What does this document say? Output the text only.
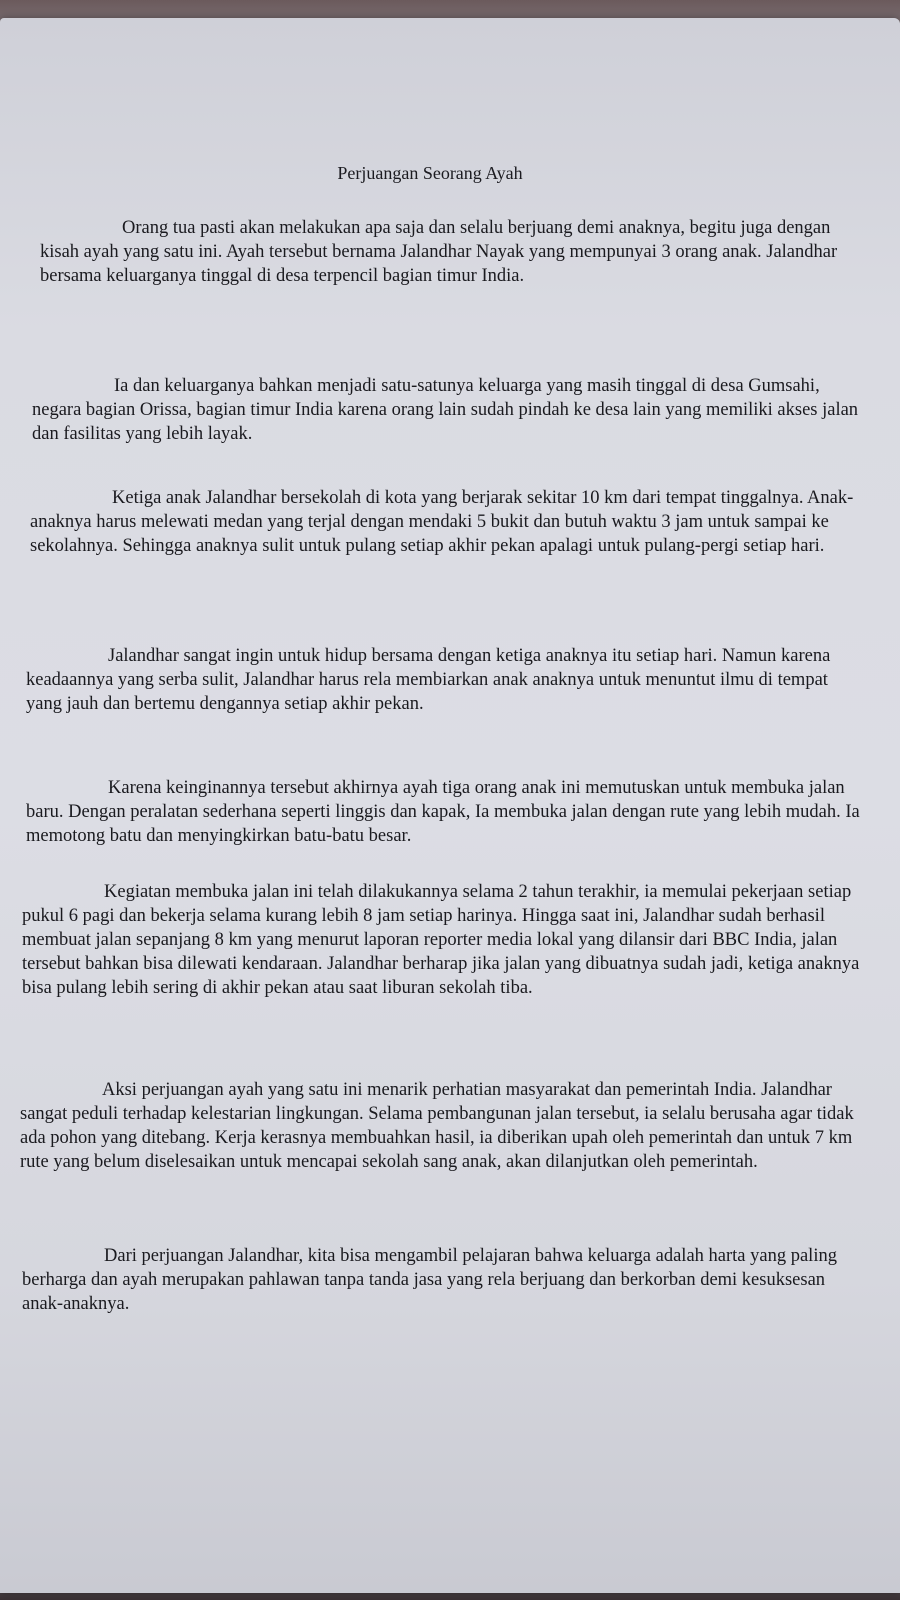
Perjuangan Seorang Ayah

Orang tua pasti akan melakukan apa saja dan selalu berjuang demi anaknya, begitu juga dengan kisah ayah yang satu ini. Ayah tersebut bernama Jalandhar Nayak yang mempunyai 3 orang anak. Jalandhar bersama keluarganya tinggal di desa terpencil bagian timur India.

Ia dan keluarganya bahkan menjadi satu-satunya keluarga yang masih tinggal di desa Gumsahi, negara bagian Orissa, bagian timur India karena orang lain sudah pindah ke desa lain yang memiliki akses jalan dan fasilitas yang lebih layak.

Ketiga anak Jalandhar bersekolah di kota yang berjarak sekitar 10 km dari tempat tinggalnya. Anak-anaknya harus melewati medan yang terjal dengan mendaki 5 bukit dan butuh waktu 3 jam untuk sampai ke sekolahnya. Sehingga anaknya sulit untuk pulang setiap akhir pekan apalagi untuk pulang-pergi setiap hari.

Jalandhar sangat ingin untuk hidup bersama dengan ketiga anaknya itu setiap hari. Namun karena keadaannya yang serba sulit, Jalandhar harus rela membiarkan anak anaknya untuk menuntut ilmu di tempat yang jauh dan bertemu dengannya setiap akhir pekan.

Karena keinginannya tersebut akhirnya ayah tiga orang anak ini memutuskan untuk membuka jalan baru. Dengan peralatan sederhana seperti linggis dan kapak, Ia membuka jalan dengan rute yang lebih mudah. Ia memotong batu dan menyingkirkan batu-batu besar.

Kegiatan membuka jalan ini telah dilakukannya selama 2 tahun terakhir, ia memulai pekerjaan setiap pukul 6 pagi dan bekerja selama kurang lebih 8 jam setiap harinya. Hingga saat ini, Jalandhar sudah berhasil membuat jalan sepanjang 8 km yang menurut laporan reporter media lokal yang dilansir dari BBC India, jalan tersebut bahkan bisa dilewati kendaraan. Jalandhar berharap jika jalan yang dibuatnya sudah jadi, ketiga anaknya bisa pulang lebih sering di akhir pekan atau saat liburan sekolah tiba.

Aksi perjuangan ayah yang satu ini menarik perhatian masyarakat dan pemerintah India. Jalandhar sangat peduli terhadap kelestarian lingkungan. Selama pembangunan jalan tersebut, ia selalu berusaha agar tidak ada pohon yang ditebang. Kerja kerasnya membuahkan hasil, ia diberikan upah oleh pemerintah dan untuk 7 km rute yang belum diselesaikan untuk mencapai sekolah sang anak, akan dilanjutkan oleh pemerintah.

Dari perjuangan Jalandhar, kita bisa mengambil pelajaran bahwa keluarga adalah harta yang paling berharga dan ayah merupakan pahlawan tanpa tanda jasa yang rela berjuang dan berkorban demi kesuksesan anak-anaknya.
